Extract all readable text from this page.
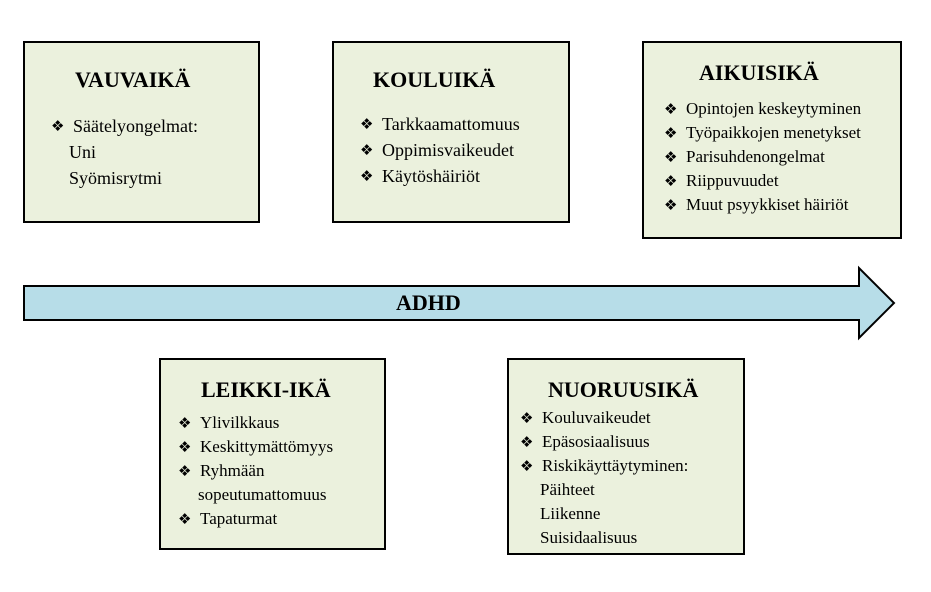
ADHD
VAUVAIKÄ
❖ Säätelyongelmat:
Uni
Syömisrytmi
KOULUIKÄ
❖ Tarkkaamattomuus
❖ Oppimisvaikeudet
❖ Käytöshäiriöt
AIKUISIKÄ
❖ Opintojen keskeytyminen
❖ Työpaikkojen menetykset
❖ Parisuhdenongelmat
❖ Riippuvuudet
❖ Muut psyykkiset häiriöt
LEIKKI-IKÄ
❖ Ylivilkkaus
❖ Keskittymättömyys
❖ Ryhmään
sopeutumattomuus
❖ Tapaturmat
NUORUUSIKÄ
❖ Kouluvaikeudet
❖ Epäsosiaalisuus
❖ Riskikäyttäytyminen:
Päihteet
Liikenne
Suisidaalisuus
